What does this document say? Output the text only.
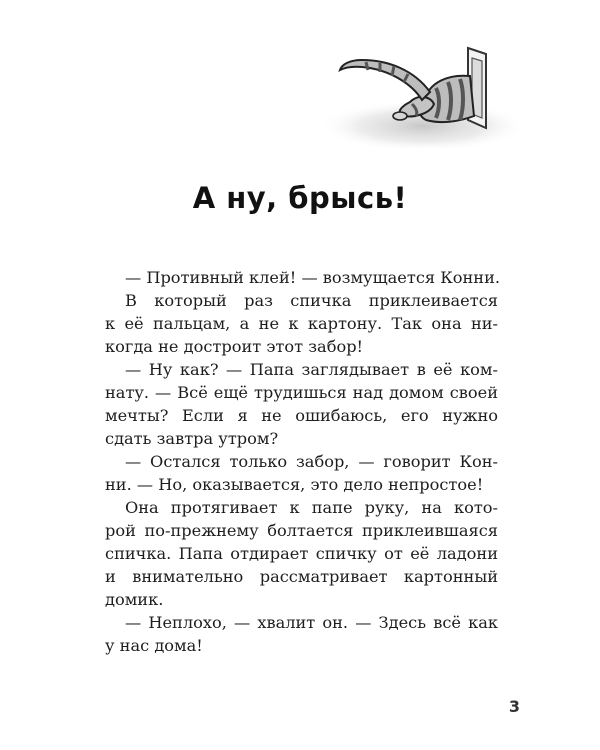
А ну, брысь!

— Противный клей! — возмущается Конни.

В который раз спичка приклеивается
к её пальцам, а не к картону. Так она ни-
когда не достроит этот забор!

— Ну как? — Папа заглядывает в её ком-
нату. — Всё ещё трудишься над домом своей
мечты? Если я не ошибаюсь, его нужно
сдать завтра утром?

— Остался только забор, — говорит Кон-
ни. — Но, оказывается, это дело непростое!

Она протягивает к папе руку, на кото-
рой по-прежнему болтается приклеившаяся
спичка. Папа отдирает спичку от её ладони
и внимательно рассматривает картонный
домик.

— Неплохо, — хвалит он. — Здесь всё как
у нас дома!

3
